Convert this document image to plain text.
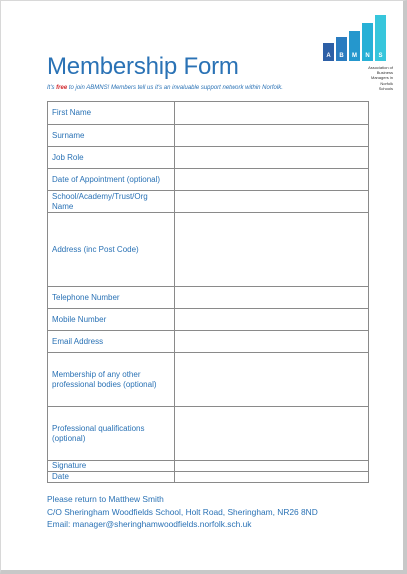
A B M N S
Association of
Business
Managers in
Norfolk
Schools
Membership Form
It's free to join ABMNS! Members tell us it's an invaluable support network within Norfolk.
First Name	
Surname	
Job Role	
Date of Appointment (optional)	
School/Academy/Trust/Org Name	
Address (inc Post Code)	
Telephone Number	
Mobile Number	
Email Address	
Membership of any other professional bodies (optional)	
Professional qualifications (optional)	
Signature	
Date	
Please return to Matthew Smith
C/O Sheringham Woodfields School, Holt Road, Sheringham, NR26 8ND
Email: manager@sheringhamwoodfields.norfolk.sch.uk
